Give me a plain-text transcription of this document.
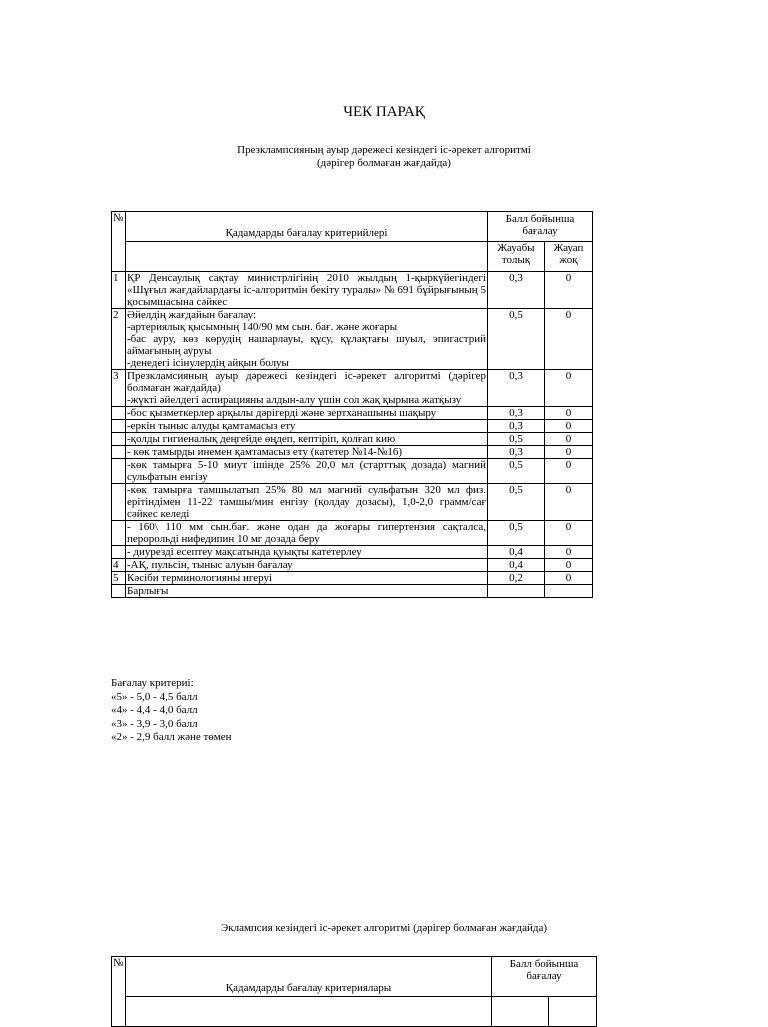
ЧЕК ПАРАҚ
Презклампсияның ауыр дәрежесі кезіндегі іс-әрекет алгоритмі
(дәрігер болмаған жағдайда)
№	Қадамдарды бағалау критерийлері	Балл бойынша бағалау	
		Жауабы толық	Жауап жоқ
1	ҚР Денсаулық сақтау министрлігінің 2010 жылдың 1-қыркүйегіндегі «Шұғыл жағдайлардағы іс-алгоритмін бекіту туралы» № 691 бұйрығының 5 қосымшасына сәйкес	0,3	0
2	Әйелдің жағдайын бағалау:
-артериялық қысымның 140/90 мм сын. бағ. және жоғары
-бас ауру, көз көрудің нашарлауы, құсу, құлақтағы шуыл, эпигастрий аймағының ауруы
-денедегі ісінулердің айқын болуы	0,5	0
3	Презкламсияның ауыр дәрежесі кезіндегі іс-әрекет алгоритмі (дәрігер болмаған жағдайда)
-жүкті әйелдегі аспирацияны алдын-алу үшін сол жақ қырына жатқызу	0,3	0

	-бос қызметкерлер арқылы дәрігерді және зертханашыны шақыру	0,3	0

	-еркін тыныс алуды қамтамасыз ету	0,3	0

	-қолды гигиеналық деңгейде өңдеп, кептіріп, қолғап кию	0,5	0

	- көк тамырды инемен қамтамасыз ету (катетер №14-№16)	0,3	0

	-көк тамырға 5-10 миут ішінде 25% 20,0 мл (старттық дозада) магний сульфатын енгізу	0,5	0

	-көк тамырға тамшылатып 25% 80 мл магний сульфатын 320 мл физ. ерітіндімен 11-22 тамшы/мин енгізу (қолдау дозасы), 1,0-2,0 грамм/сағ сәйкес келеді	0,5	0

	- 160\ 110 мм сын.бағ. және одан да жоғары гипертензия сақталса, перорольді нифедипин 10 мг дозада беру	0,5	0

	- диурезді есептеу мақсатында қуықты катетерлеу	0,4	0
4	-АҚ, пульсін, тыныс алуын бағалау	0,4	0
5	Кәсіби терминологияны игеруі	0,2	0

	Барлығы		

Бағалау критериі:
«5» - 5,0 - 4,5 балл
«4» - 4,4 - 4,0 балл
«3» - 3,9 - 3,0 балл
«2» - 2,9 балл және төмен
Эклампсия кезіндегі іс-әрекет алгоритмі (дәрігер болмаған жағдайда)
№	Қадамдарды бағалау критериялары	Балл бойынша бағалау	
